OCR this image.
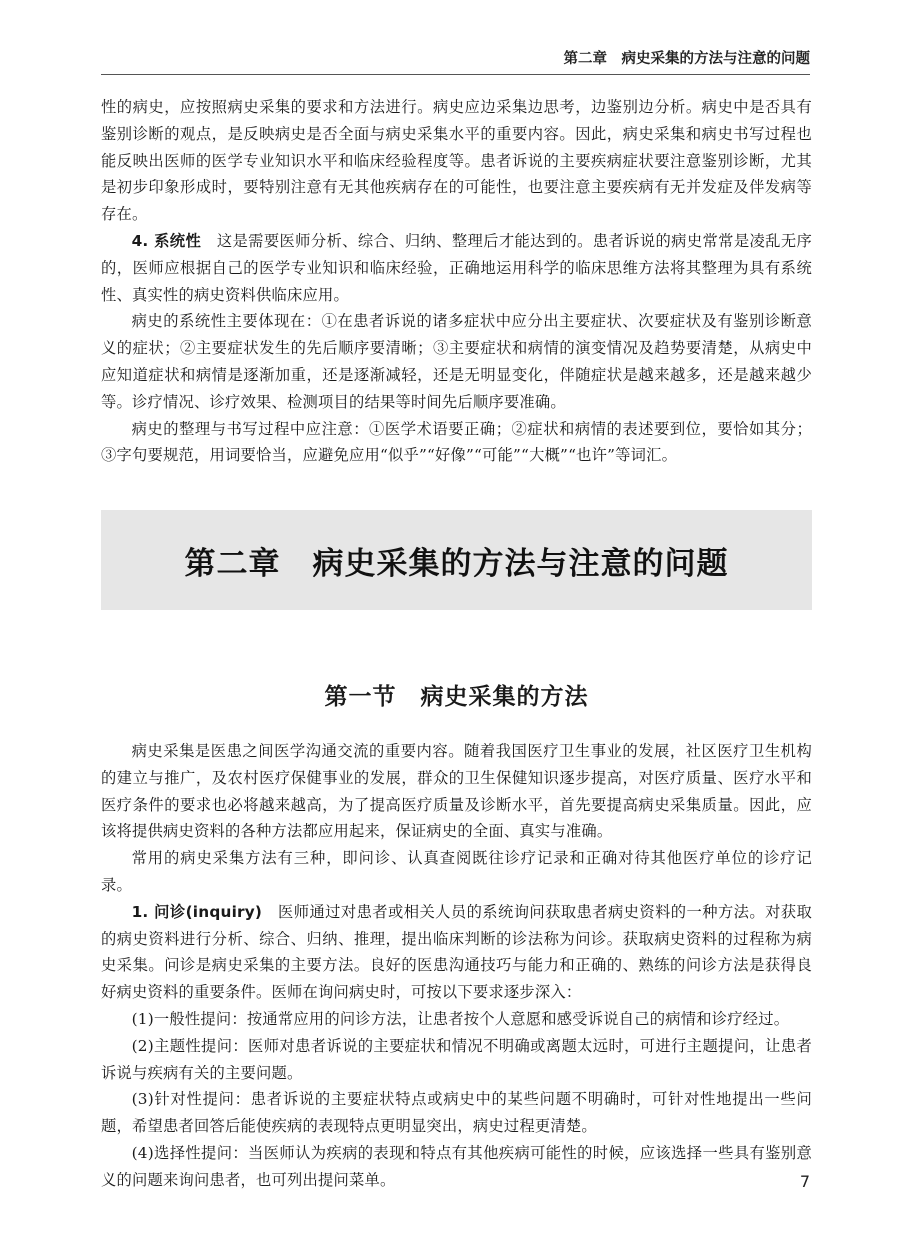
第二章　病史采集的方法与注意的问题

性的病史，应按照病史采集的要求和方法进行。病史应边采集边思考，边鉴别边分析。病史中是否具有鉴别诊断的观点，是反映病史是否全面与病史采集水平的重要内容。因此，病史采集和病史书写过程也能反映出医师的医学专业知识水平和临床经验程度等。患者诉说的主要疾病症状要注意鉴别诊断，尤其是初步印象形成时，要特别注意有无其他疾病存在的可能性，也要注意主要疾病有无并发症及伴发病等存在。

4. 系统性　这是需要医师分析、综合、归纳、整理后才能达到的。患者诉说的病史常常是凌乱无序的，医师应根据自己的医学专业知识和临床经验，正确地运用科学的临床思维方法将其整理为具有系统性、真实性的病史资料供临床应用。

病史的系统性主要体现在：①在患者诉说的诸多症状中应分出主要症状、次要症状及有鉴别诊断意义的症状；②主要症状发生的先后顺序要清晰；③主要症状和病情的演变情况及趋势要清楚，从病史中应知道症状和病情是逐渐加重，还是逐渐减轻，还是无明显变化，伴随症状是越来越多，还是越来越少等。诊疗情况、诊疗效果、检测项目的结果等时间先后顺序要准确。

病史的整理与书写过程中应注意：①医学术语要正确；②症状和病情的表述要到位，要恰如其分；③字句要规范，用词要恰当，应避免应用“似乎”“好像”“可能”“大概”“也许”等词汇。

第二章　病史采集的方法与注意的问题
第一节　病史采集的方法

病史采集是医患之间医学沟通交流的重要内容。随着我国医疗卫生事业的发展，社区医疗卫生机构的建立与推广，及农村医疗保健事业的发展，群众的卫生保健知识逐步提高，对医疗质量、医疗水平和医疗条件的要求也必将越来越高，为了提高医疗质量及诊断水平，首先要提高病史采集质量。因此，应该将提供病史资料的各种方法都应用起来，保证病史的全面、真实与准确。

常用的病史采集方法有三种，即问诊、认真查阅既往诊疗记录和正确对待其他医疗单位的诊疗记录。

1. 问诊(inquiry)　医师通过对患者或相关人员的系统询问获取患者病史资料的一种方法。对获取的病史资料进行分析、综合、归纳、推理，提出临床判断的诊法称为问诊。获取病史资料的过程称为病史采集。问诊是病史采集的主要方法。良好的医患沟通技巧与能力和正确的、熟练的问诊方法是获得良好病史资料的重要条件。医师在询问病史时，可按以下要求逐步深入：

(1)一般性提问：按通常应用的问诊方法，让患者按个人意愿和感受诉说自己的病情和诊疗经过。

(2)主题性提问：医师对患者诉说的主要症状和情况不明确或离题太远时，可进行主题提问，让患者诉说与疾病有关的主要问题。

(3)针对性提问：患者诉说的主要症状特点或病史中的某些问题不明确时，可针对性地提出一些问题，希望患者回答后能使疾病的表现特点更明显突出，病史过程更清楚。

(4)选择性提问：当医师认为疾病的表现和特点有其他疾病可能性的时候，应该选择一些具有鉴别意义的问题来询问患者，也可列出提问菜单。	7
